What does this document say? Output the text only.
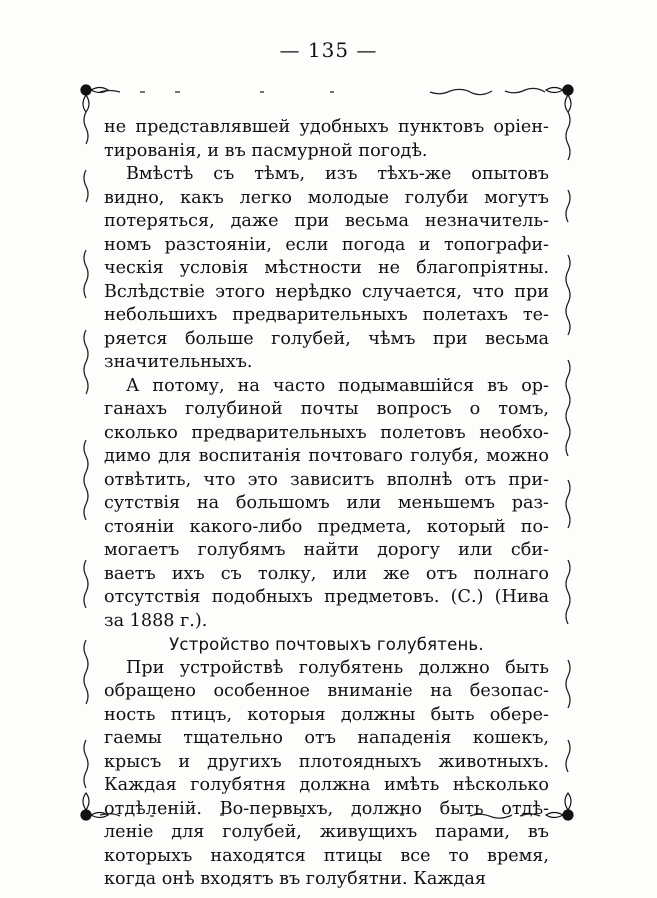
— 135 —
не представлявшей удобныхъ пунктовъ оріен-
тированія, и въ пасмурной погодѣ.
Вмѣстѣ съ тѣмъ, изъ тѣхъ-же опытовъ
видно, какъ легко молодые голуби могутъ
потеряться, даже при весьма незначитель-
номъ разстояніи, если погода и топографи-
ческія условія мѣстности не благопріятны.
Вслѣдствіе этого нерѣдко случается, что при
небольшихъ предварительныхъ полетахъ те-
ряется больше голубей, чѣмъ при весьма
значительныхъ.
А потому, на часто подымавшійся въ ор-
ганахъ голубиной почты вопросъ о томъ,
сколько предварительныхъ полетовъ необхо-
димо для воспитанія почтоваго голубя, можно
отвѣтить, что это зависитъ вполнѣ отъ при-
сутствія на большомъ или меньшемъ раз-
стояніи какого-либо предмета, который по-
могаетъ голубямъ найти дорогу или сби-
ваетъ ихъ съ толку, или же отъ полнаго
отсутствія подобныхъ предметовъ. (С.) (Нива
за 1888 г.).
Устройство почтовыхъ голубятень.
При устройствѣ голубятень должно быть
обращено особенное вниманіе на безопас-
ность птицъ, которыя должны быть обере-
гаемы тщательно отъ нападенія кошекъ,
крысъ и другихъ плотоядныхъ животныхъ.
Каждая голубятня должна имѣть нѣсколько
отдѣленій. Во-первыхъ, должно быть отдѣ-
леніе для голубей, живущихъ парами, въ
которыхъ находятся птицы все то время,
когда онѣ входятъ въ голубятни. Каждая
